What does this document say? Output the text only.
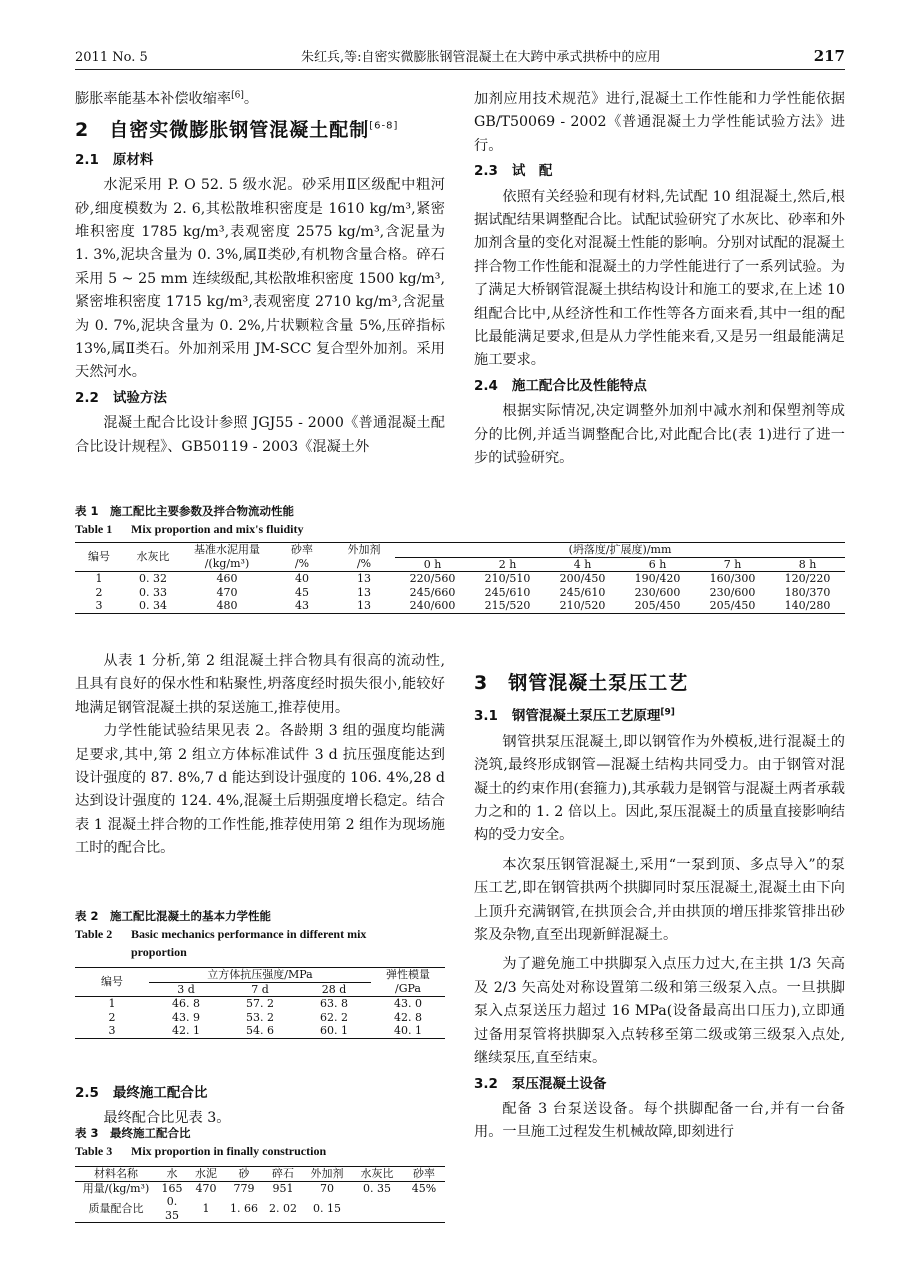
2011 No. 5	朱红兵,等:自密实微膨胀钢管混凝土在大跨中承式拱桥中的应用	217

膨胀率能基本补偿收缩率[6]。

2　自密实微膨胀钢管混凝土配制[6-8]
2.1 原材料

水泥采用 P. O 52. 5 级水泥。砂采用Ⅱ区级配中粗河砂,细度模数为 2. 6,其松散堆积密度是 1610 kg/m³,紧密堆积密度 1785 kg/m³,表观密度 2575 kg/m³,含泥量为 1. 3%,泥块含量为 0. 3%,属Ⅱ类砂,有机物含量合格。碎石采用 5 ~ 25 mm 连续级配,其松散堆积密度 1500 kg/m³, 紧密堆积密度 1715 kg/m³,表观密度 2710 kg/m³,含泥量为 0. 7%,泥块含量为 0. 2%,片状颗粒含量 5%,压碎指标 13%,属Ⅱ类石。外加剂采用 JM-SCC 复合型外加剂。采用天然河水。

2.2 试验方法

混凝土配合比设计参照 JGJ55 - 2000《普通混凝土配合比设计规程》、GB50119 - 2003《混凝土外

加剂应用技术规范》进行,混凝土工作性能和力学性能依据 GB/T50069 - 2002《普通混凝土力学性能试验方法》进行。

2.3 试　配

依照有关经验和现有材料,先试配 10 组混凝土,然后,根据试配结果调整配合比。试配试验研究了水灰比、砂率和外加剂含量的变化对混凝土性能的影响。分别对试配的混凝土拌合物工作性能和混凝土的力学性能进行了一系列试验。为了满足大桥钢管混凝土拱结构设计和施工的要求,在上述 10 组配合比中,从经济性和工作性等各方面来看,其中一组的配比最能满足要求,但是从力学性能来看,又是另一组最能满足施工要求。

2.4 施工配合比及性能特点

根据实际情况,决定调整外加剂中减水剂和保塑剂等成分的比例,并适当调整配合比,对此配合比(表 1)进行了进一步的试验研究。

表 1　 施工配比主要参数及拌合物流动性能
Table 1 Mix proportion and mix's fluidity
编号	水灰比	基准水泥用量	砂率	外加剂	(坍落度/扩展度)/mm					
		/(kg/m³)	/%	/%	0 h	2 h	4 h	6 h	7 h	8 h
1	0. 32	460	40	13	220/560	210/510	200/450	190/420	160/300	120/220
2	0. 33	470	45	13	245/660	245/610	245/610	230/600	230/600	180/370
3	0. 34	480	43	13	240/600	215/520	210/520	205/450	205/450	140/280

从表 1 分析,第 2 组混凝土拌合物具有很高的流动性,且具有良好的保水性和粘聚性,坍落度经时损失很小,能较好地满足钢管混凝土拱的泵送施工,推荐使用。

力学性能试验结果见表 2。各龄期 3 组的强度均能满足要求,其中,第 2 组立方体标准试件 3 d 抗压强度能达到设计强度的 87. 8%,7 d 能达到设计强度的 106. 4%,28 d 达到设计强度的 124. 4%,混凝土后期强度增长稳定。结合表 1 混凝土拌合物的工作性能,推荐使用第 2 组作为现场施工时的配合比。

表 2　 施工配比混凝土的基本力学性能
Table 2 Basic mechanics performance in different mix
proportion
编号	立方体抗压强度/MPa			弹性模量
	3 d	7 d	28 d	/GPa
1	46. 8	57. 2	63. 8	43. 0
2	43. 9	53. 2	62. 2	42. 8
3	42. 1	54. 6	60. 1	40. 1
2.5 最终施工配合比

最终配合比见表 3。

表 3　 最终施工配合比
Table 3 Mix proportion in finally construction
材料名称	水	水泥	砂	碎石	外加剂	水灰比	砂率
用量/(kg/m³)	165	470	779	951	70	0. 35	45%
质量配合比	0. 35	1	1. 66	2. 02	0. 15		
3　钢管混凝土泵压工艺
3.1 钢管混凝土泵压工艺原理[9]

钢管拱泵压混凝土,即以钢管作为外模板,进行混凝土的浇筑,最终形成钢管—混凝土结构共同受力。由于钢管对混凝土的约束作用(套箍力),其承载力是钢管与混凝土两者承载力之和的 1. 2 倍以上。因此,泵压混凝土的质量直接影响结构的受力安全。

本次泵压钢管混凝土,采用“一泵到顶、多点导入”的泵压工艺,即在钢管拱两个拱脚同时泵压混凝土,混凝土由下向上顶升充满钢管,在拱顶会合,并由拱顶的增压排浆管排出砂浆及杂物,直至出现新鲜混凝土。

为了避免施工中拱脚泵入点压力过大,在主拱 1/3 矢高及 2/3 矢高处对称设置第二级和第三级泵入点。一旦拱脚泵入点泵送压力超过 16 MPa(设备最高出口压力),立即通过备用泵管将拱脚泵入点转移至第二级或第三级泵入点处,继续泵压,直至结束。

3.2 泵压混凝土设备

配备 3 台泵送设备。每个拱脚配备一台,并有一台备用。一旦施工过程发生机械故障,即刻进行
